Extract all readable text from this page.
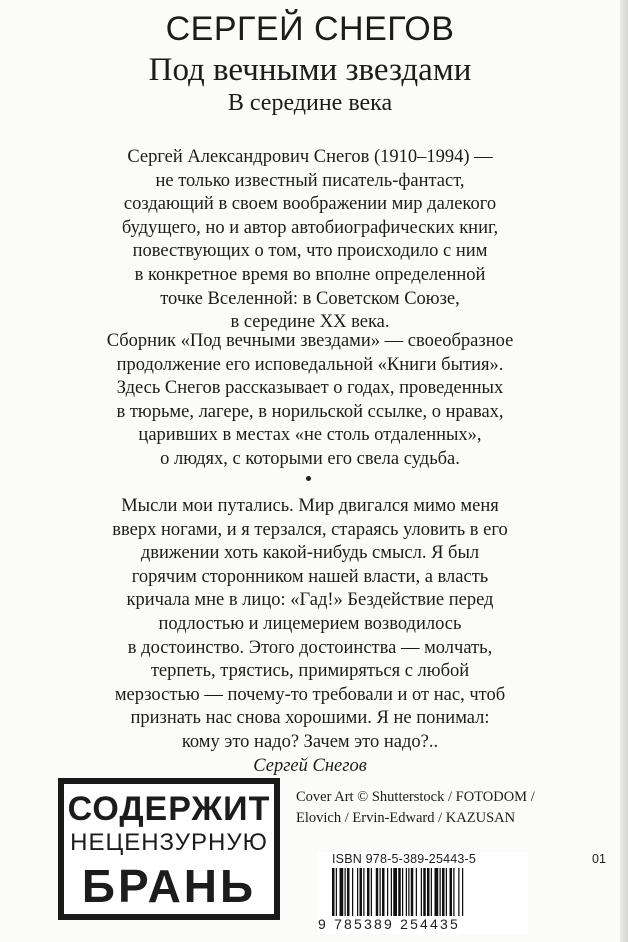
СЕРГЕЙ СНЕГОВ
Под вечными звездами
В середине века
Сергей Александрович Снегов (1910–1994) —
не только известный писатель-фантаст,
создающий в своем воображении мир далекого
будущего, но и автор автобиографических книг,
повествующих о том, что происходило с ним
в конкретное время во вполне определенной
точке Вселенной: в Советском Союзе,
в середине XX века.
Сборник «Под вечными звездами» — своеобразное
продолжение его исповедальной «Книги бытия».
Здесь Снегов рассказывает о годах, проведенных
в тюрьме, лагере, в норильской ссылке, о нравах,
царивших в местах «не столь отдаленных»,
о людях, с которыми его свела судьба.
Мысли мои путались. Мир двигался мимо меня
вверх ногами, и я терзался, стараясь уловить в его
движении хоть какой-нибудь смысл. Я был
горячим сторонником нашей власти, а власть
кричала мне в лицо: «Гад!» Бездействие перед
подлостью и лицемерием возводилось
в достоинство. Этого достоинства — молчать,
терпеть, трястись, примиряться с любой
мерзостью — почему-то требовали и от нас, чтоб
признать нас снова хорошими. Я не понимал:
кому это надо? Зачем это надо?..
Сергей Снегов
СОДЕРЖИТ
НЕЦЕНЗУРНУЮ
БРАНЬ
Cover Art © Shutterstock / FOTODOM /
Elovich / Ervin-Edward / KAZUSAN
ISBN 978-5-389-25443-5	01
9 785389 254435
